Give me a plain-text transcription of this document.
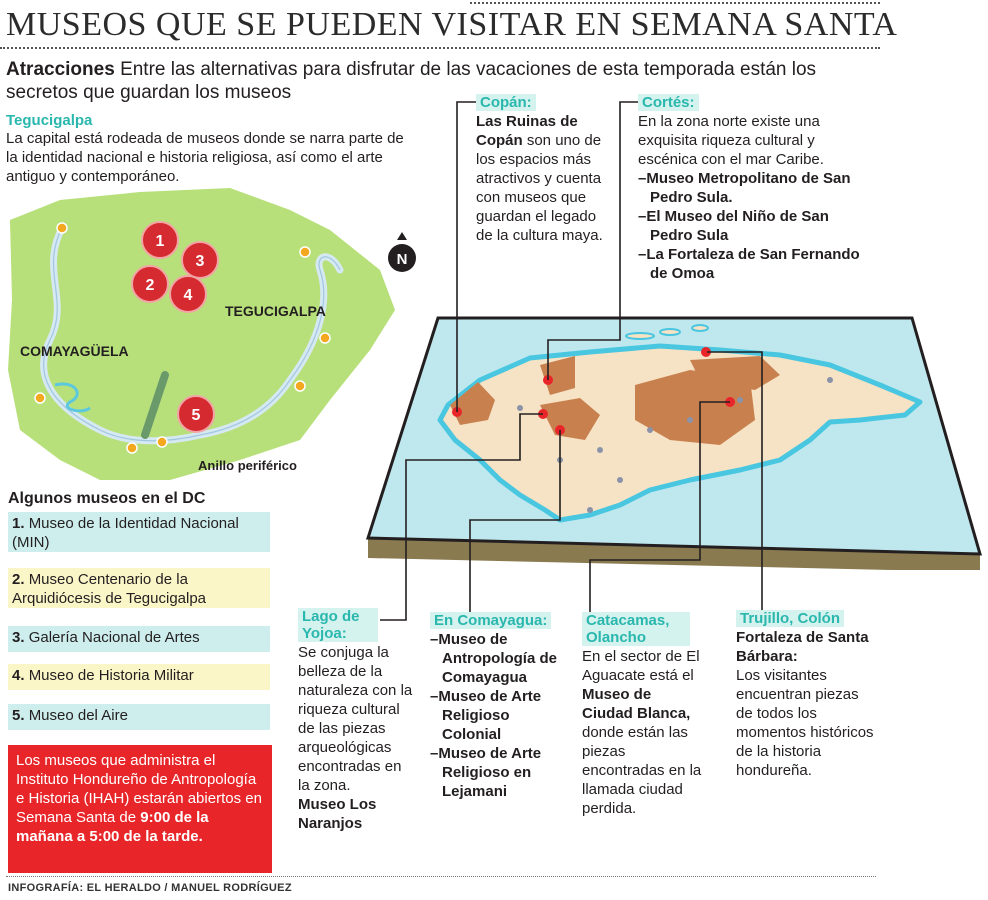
MUSEOS QUE SE PUEDEN VISITAR EN SEMANA SANTA
Atracciones Entre las alternativas para disfrutar de las vacaciones de esta temporada están los secretos que guardan los museos
Tegucigalpa
La capital está rodeada de museos donde se narra parte de la identidad nacional e historia religiosa, así como el arte antiguo y contemporáneo.
1
3
2
4
5
TEGUCIGALPA
COMAYAGÜELA
Anillo periférico
N
Algunos museos en el DC
1. Museo de la Identidad Nacional (MIN)
2. Museo Centenario de la Arquidiócesis de Tegucigalpa
3. Galería Nacional de Artes
4. Museo de Historia Militar
5. Museo del Aire
Los museos que administra el Instituto Hondureño de Antropología e Historia (IHAH) estarán abiertos en Semana Santa de 9:00 de la mañana a 5:00 de la tarde.
Copán:
Las Ruinas de Copán son uno de los espacios más atractivos y cuenta con museos que guardan el legado de la cultura maya.
Cortés:
En la zona norte existe una exquisita riqueza cultural y escénica con el mar Caribe.
– Museo Metropolitano de San Pedro Sula.
– El Museo del Niño de San Pedro Sula
– La Fortaleza de San Fernando de Omoa
Lago de Yojoa:
Se conjuga la belleza de la naturaleza con la riqueza cultural de las piezas arqueológicas encontradas en la zona.
Museo Los Naranjos
En Comayagua:
– Museo de Antropología de Comayagua
– Museo de Arte Religioso Colonial
– Museo de Arte Religioso en Lejamani
Catacamas, Olancho
En el sector de El Aguacate está el Museo de Ciudad Blanca, donde están las piezas encontradas en la llamada ciudad perdida.
Trujillo, Colón
Fortaleza de Santa Bárbara:
Los visitantes encuentran piezas de todos los momentos históricos de la historia hondureña.
INFOGRAFÍA: EL HERALDO / MANUEL RODRÍGUEZ
